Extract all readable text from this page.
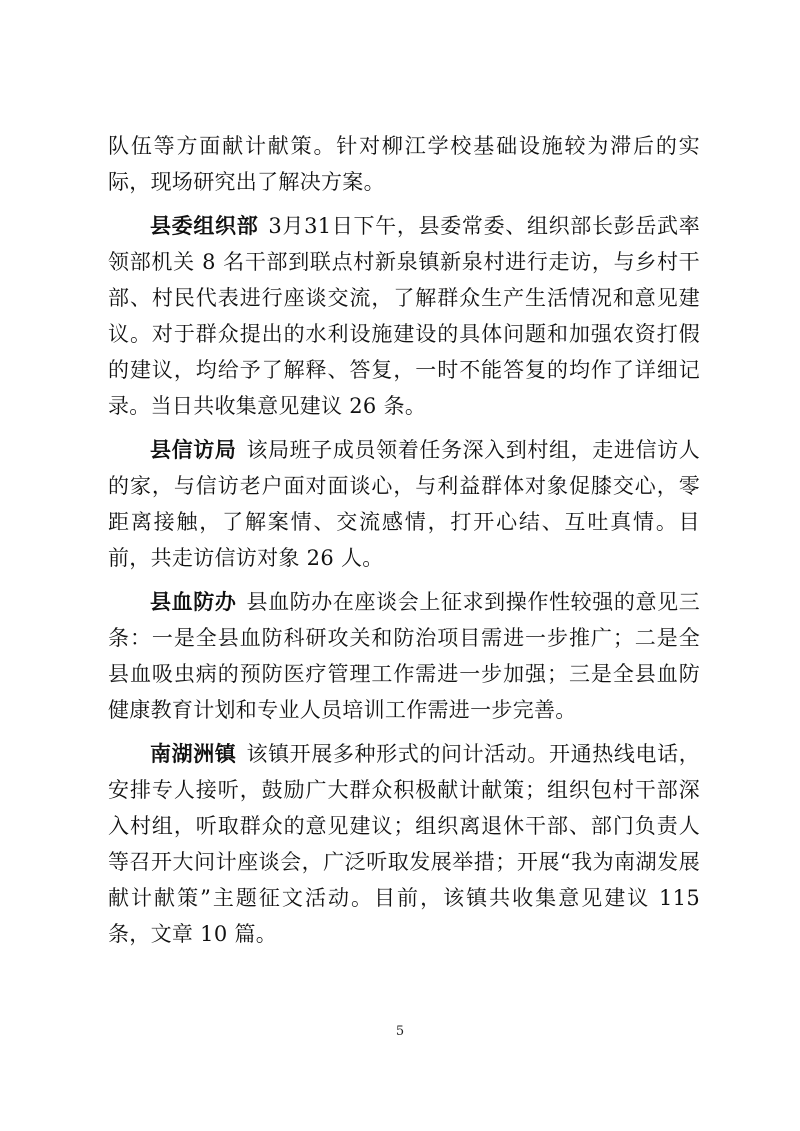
队伍等方面献计献策。针对柳江学校基础设施较为滞后的实际，现场研究出了解决方案。

县委组织部 3月31日下午，县委常委、组织部长彭岳武率领部机关 8 名干部到联点村新泉镇新泉村进行走访，与乡村干部、村民代表进行座谈交流，了解群众生产生活情况和意见建议。对于群众提出的水利设施建设的具体问题和加强农资打假的建议，均给予了解释、答复，一时不能答复的均作了详细记录。当日共收集意见建议 26 条。

县信访局 该局班子成员领着任务深入到村组，走进信访人的家，与信访老户面对面谈心，与利益群体对象促膝交心，零距离接触，了解案情、交流感情，打开心结、互吐真情。目前，共走访信访对象 26 人。

县血防办 县血防办在座谈会上征求到操作性较强的意见三条：一是全县血防科研攻关和防治项目需进一步推广；二是全县血吸虫病的预防医疗管理工作需进一步加强；三是全县血防健康教育计划和专业人员培训工作需进一步完善。

南湖洲镇 该镇开展多种形式的问计活动。开通热线电话，安排专人接听，鼓励广大群众积极献计献策；组织包村干部深入村组，听取群众的意见建议；组织离退休干部、部门负责人等召开大问计座谈会，广泛听取发展举措；开展“我为南湖发展献计献策”主题征文活动。目前，该镇共收集意见建议 115 条，文章 10 篇。

5
